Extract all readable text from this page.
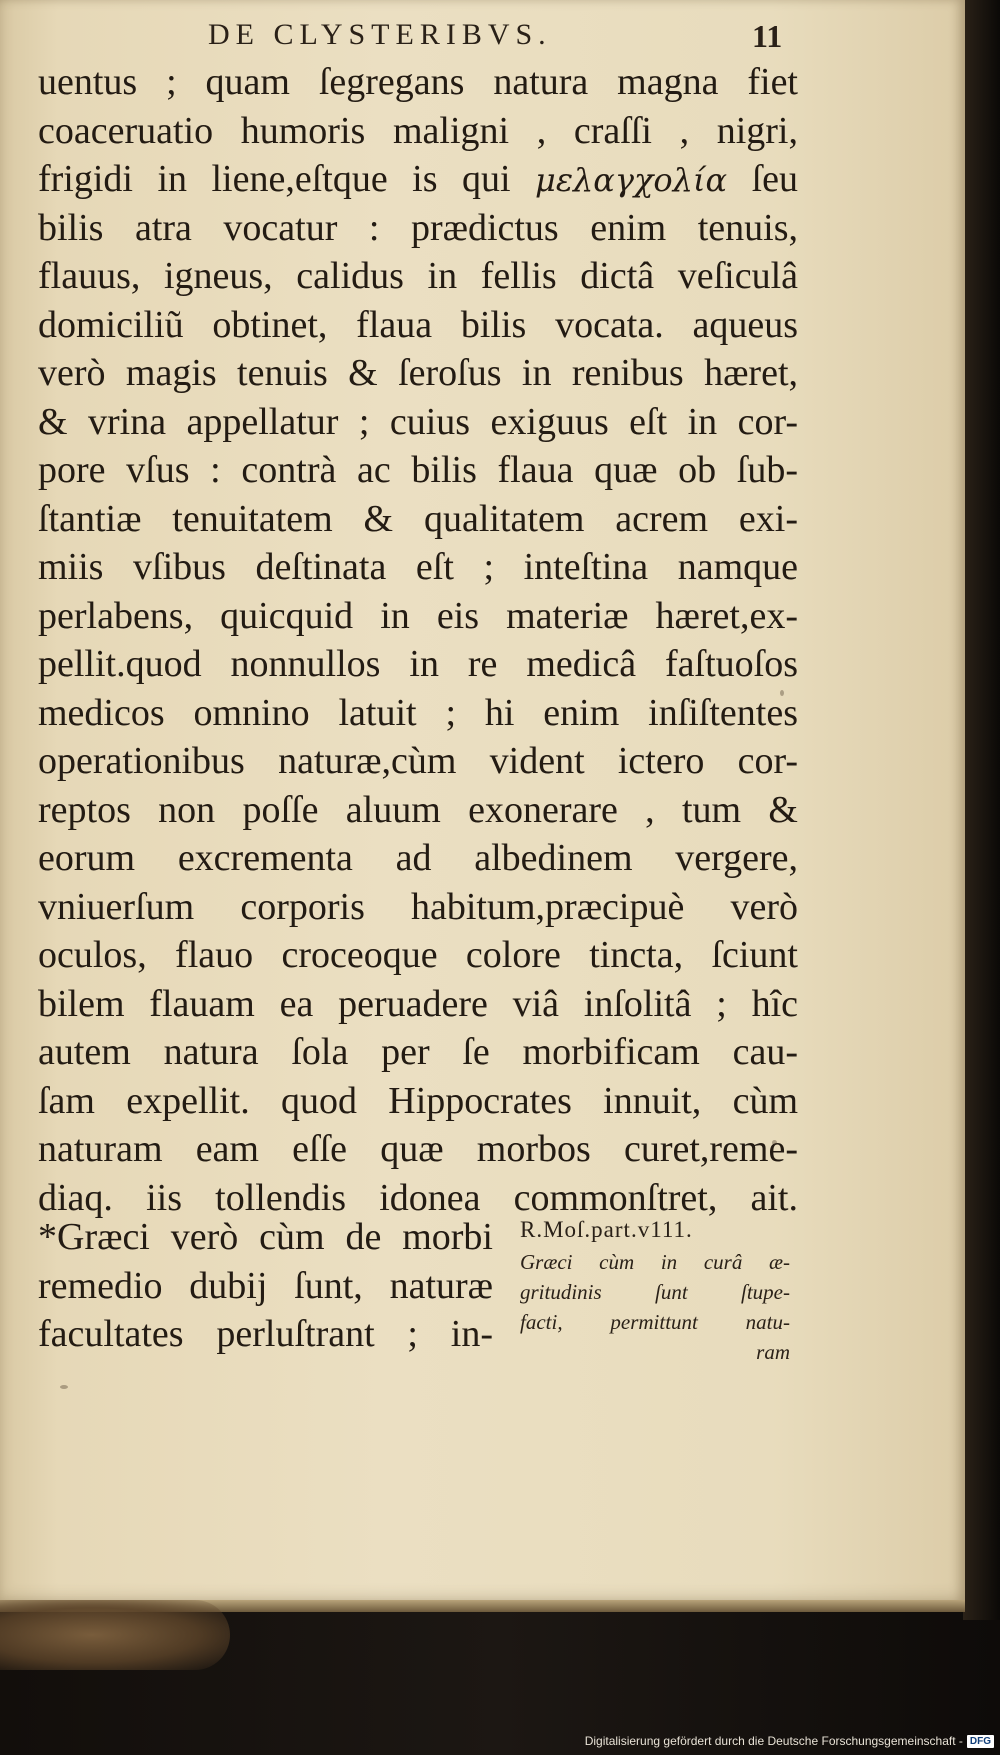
DE CLYSTERIBVS.	11
uentus ; quam ſegregans natura magna fiet
coaceruatio humoris maligni , craſſi , nigri,
frigidi in liene,eſtque is qui μελαγχολία ſeu
bilis atra vocatur : prædictus enim tenuis,
flauus, igneus, calidus in fellis dictâ veſiculâ
domiciliũ obtinet, flaua bilis vocata. aqueus
verò magis tenuis & ſeroſus in renibus hæret,
& vrina appellatur ; cuius exiguus eſt in cor-
pore vſus : contrà ac bilis flaua quæ ob ſub-
ſtantiæ tenuitatem & qualitatem acrem exi-
miis vſibus deſtinata eſt ; inteſtina namque
perlabens, quicquid in eis materiæ hæret,ex-
pellit.quod nonnullos in re medicâ faſtuoſos
medicos omnino latuit ; hi enim inſiſtentes
operationibus naturæ,cùm vident ictero cor-
reptos non poſſe aluum exonerare , tum &
eorum excrementa ad albedinem vergere,
vniuerſum corporis habitum,præcipuè verò
oculos, flauo croceoque colore tincta, ſciunt
bilem flauam ea peruadere viâ inſolitâ ; hîc
autem natura ſola per ſe morbificam cau-
ſam expellit. quod Hippocrates innuit, cùm
naturam eam eſſe quæ morbos curet,reme-
diaq. iis tollendis idonea commonſtret, ait.
*Græci verò cùm de morbi
remedio dubij ſunt, naturæ
facultates perluſtrant ; in-
R.Moſ.part.v111.
Græci cùm in curâ æ-
gritudinis ſunt ſtupe-
facti, permittunt natu-
ram
Digitalisierung gefördert durch die Deutsche Forschungsgemeinschaft - DFG
